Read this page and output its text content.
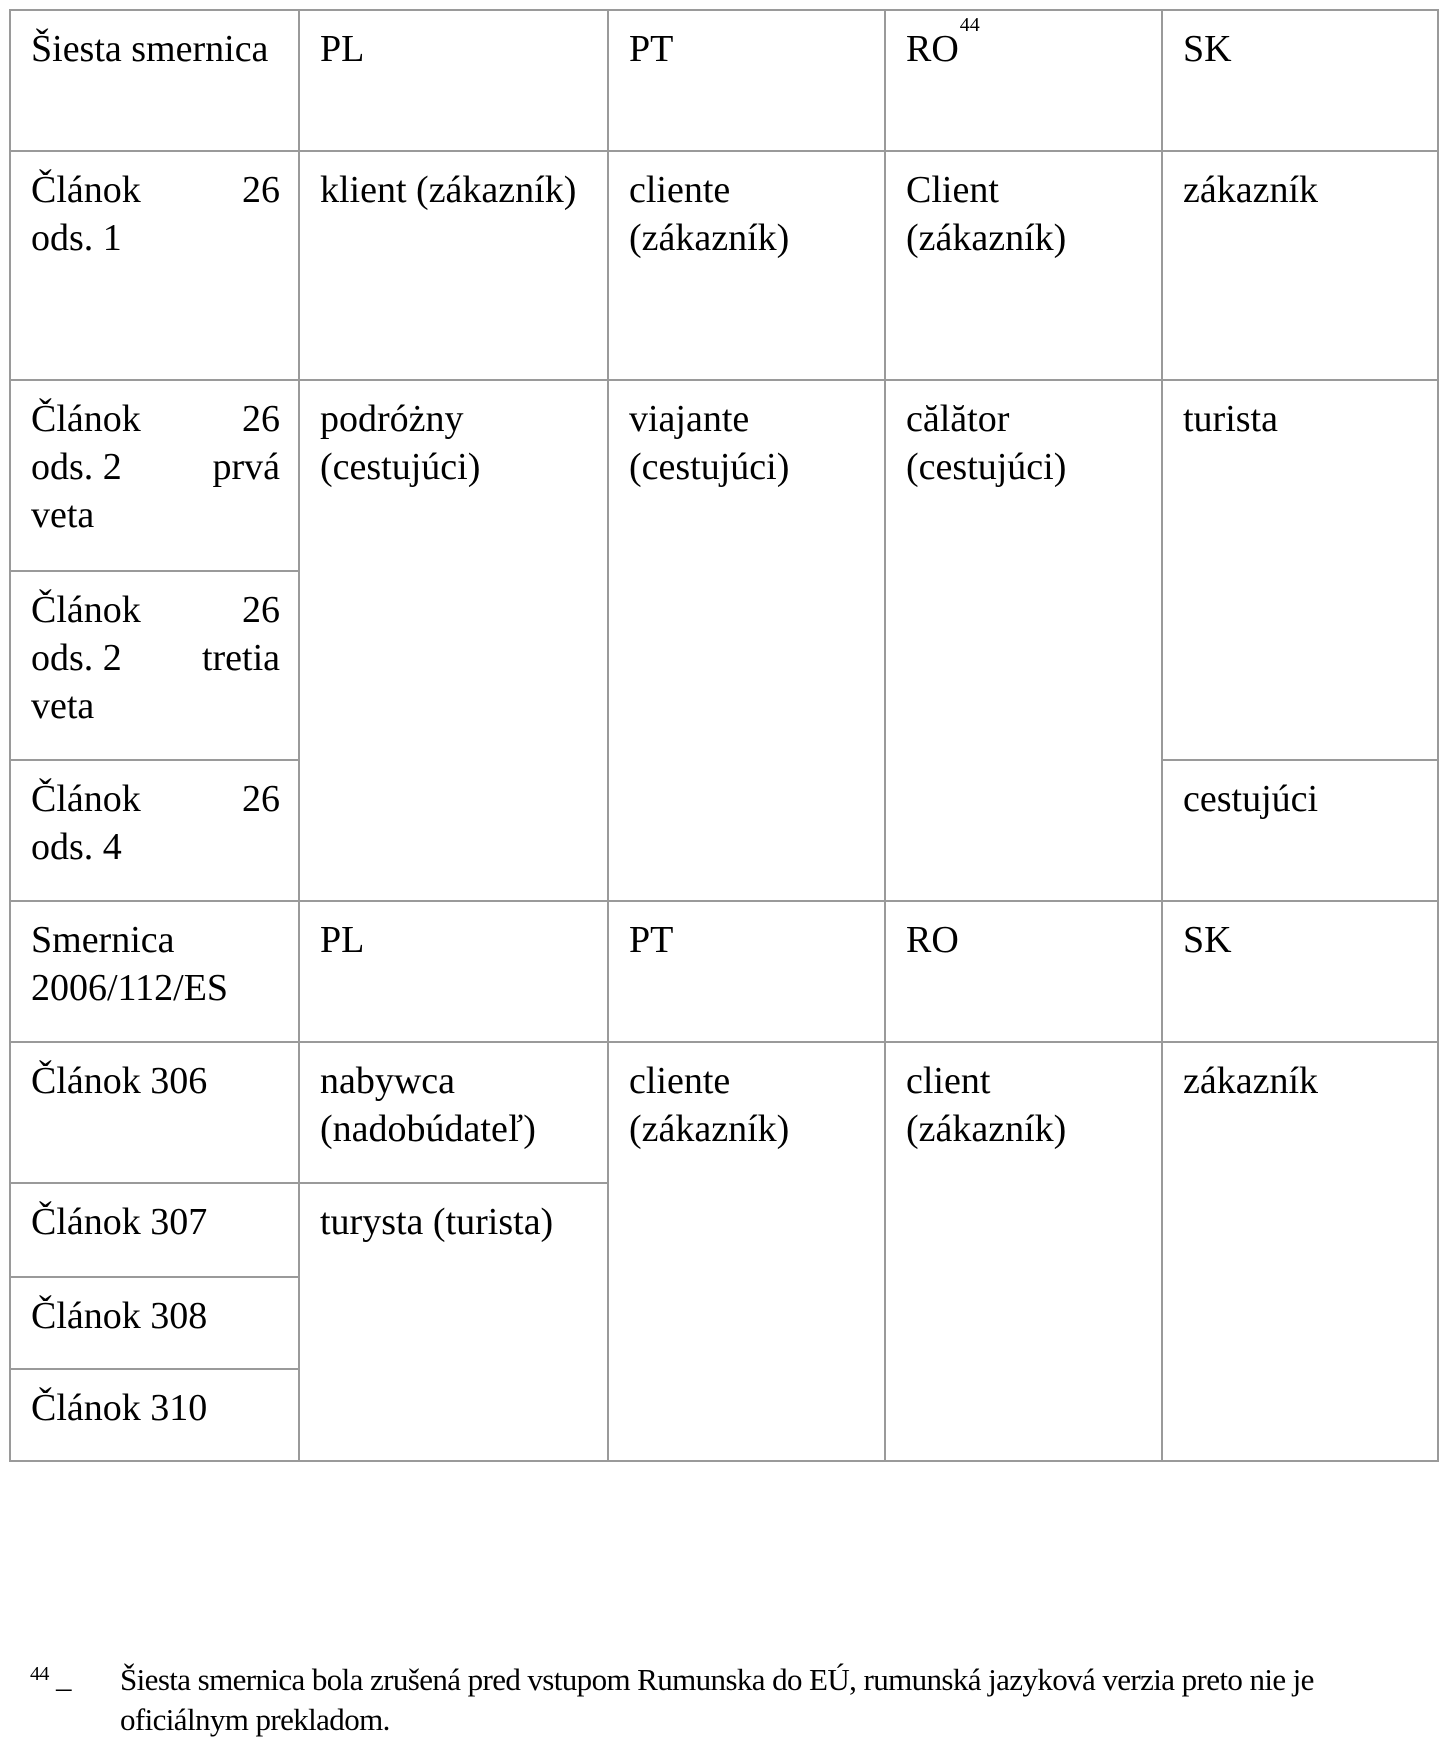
Šiesta smernica	PL	PT	RO$^{44}$	SK

Článok 26
ods. 1	klient (zákazník)	cliente (zákazník)	Client (zákazník)	zákazník

Článok 26
ods. 2 prvá
veta	podróżny (cestujúci)	viajante (cestujúci)	călător (cestujúci)	turista

Článok 26
ods. 2 tretia
veta				

Článok 26
ods. 4				cestujúci
Smernica 2006/112/ES	PL	PT	RO	SK
Článok 306	nabywca (nadobúdateľ)	cliente (zákazník)	client (zákazník)	zákazník
Článok 307	turysta (turista)			
Článok 308				
Článok 310				
$^{44}$ –	Šiesta smernica bola zrušená pred vstupom Rumunska do EÚ, rumunská jazyková verzia preto nie je oficiálnym prekladom.
